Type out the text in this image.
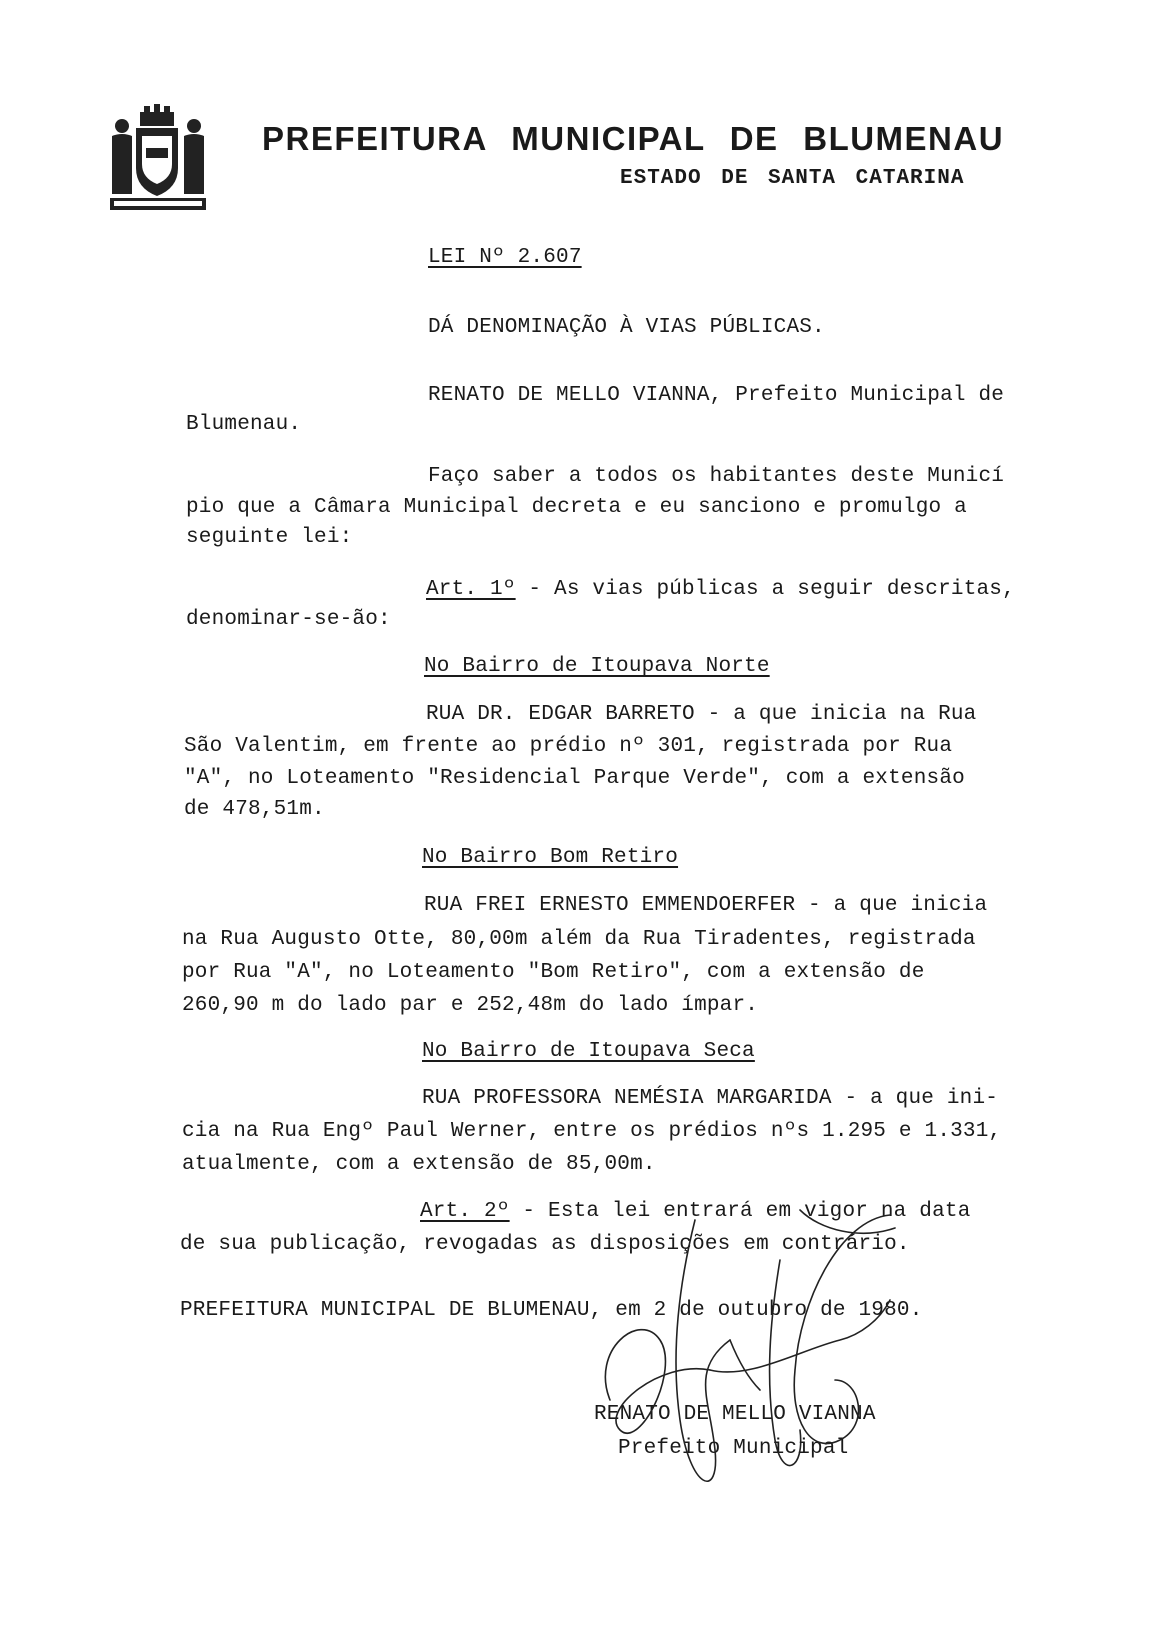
PREFEITURA MUNICIPAL DE BLUMENAU
ESTADO DE SANTA CATARINA
LEI Nº 2.607
DÁ DENOMINAÇÃO À VIAS PÚBLICAS.
RENATO DE MELLO VIANNA, Prefeito Municipal de
Blumenau.
Faço saber a todos os habitantes deste Municí
pio que a Câmara Municipal decreta e eu sanciono e promulgo a
seguinte lei:
Art. 1º - As vias públicas a seguir descritas,
denominar-se-ão:
No Bairro de Itoupava Norte
RUA DR. EDGAR BARRETO - a que inicia na Rua
São Valentim, em frente ao prédio nº 301, registrada por Rua
"A", no Loteamento "Residencial Parque Verde", com a extensão
de 478,51m.
No Bairro Bom Retiro
RUA FREI ERNESTO EMMENDOERFER - a que inicia
na Rua Augusto Otte, 80,00m além da Rua Tiradentes, registrada
por Rua "A", no Loteamento "Bom Retiro", com a extensão de
260,90 m do lado par e 252,48m do lado ímpar.
No Bairro de Itoupava Seca
RUA PROFESSORA NEMÉSIA MARGARIDA - a que ini-
cia na Rua Engº Paul Werner, entre os prédios nºs 1.295 e 1.331,
atualmente, com a extensão de 85,00m.
Art. 2º - Esta lei entrará em vigor na data
de sua publicação, revogadas as disposições em contrário.
PREFEITURA MUNICIPAL DE BLUMENAU, em 2 de outubro de 1980.
RENATO DE MELLO VIANNA
Prefeito Municipal
